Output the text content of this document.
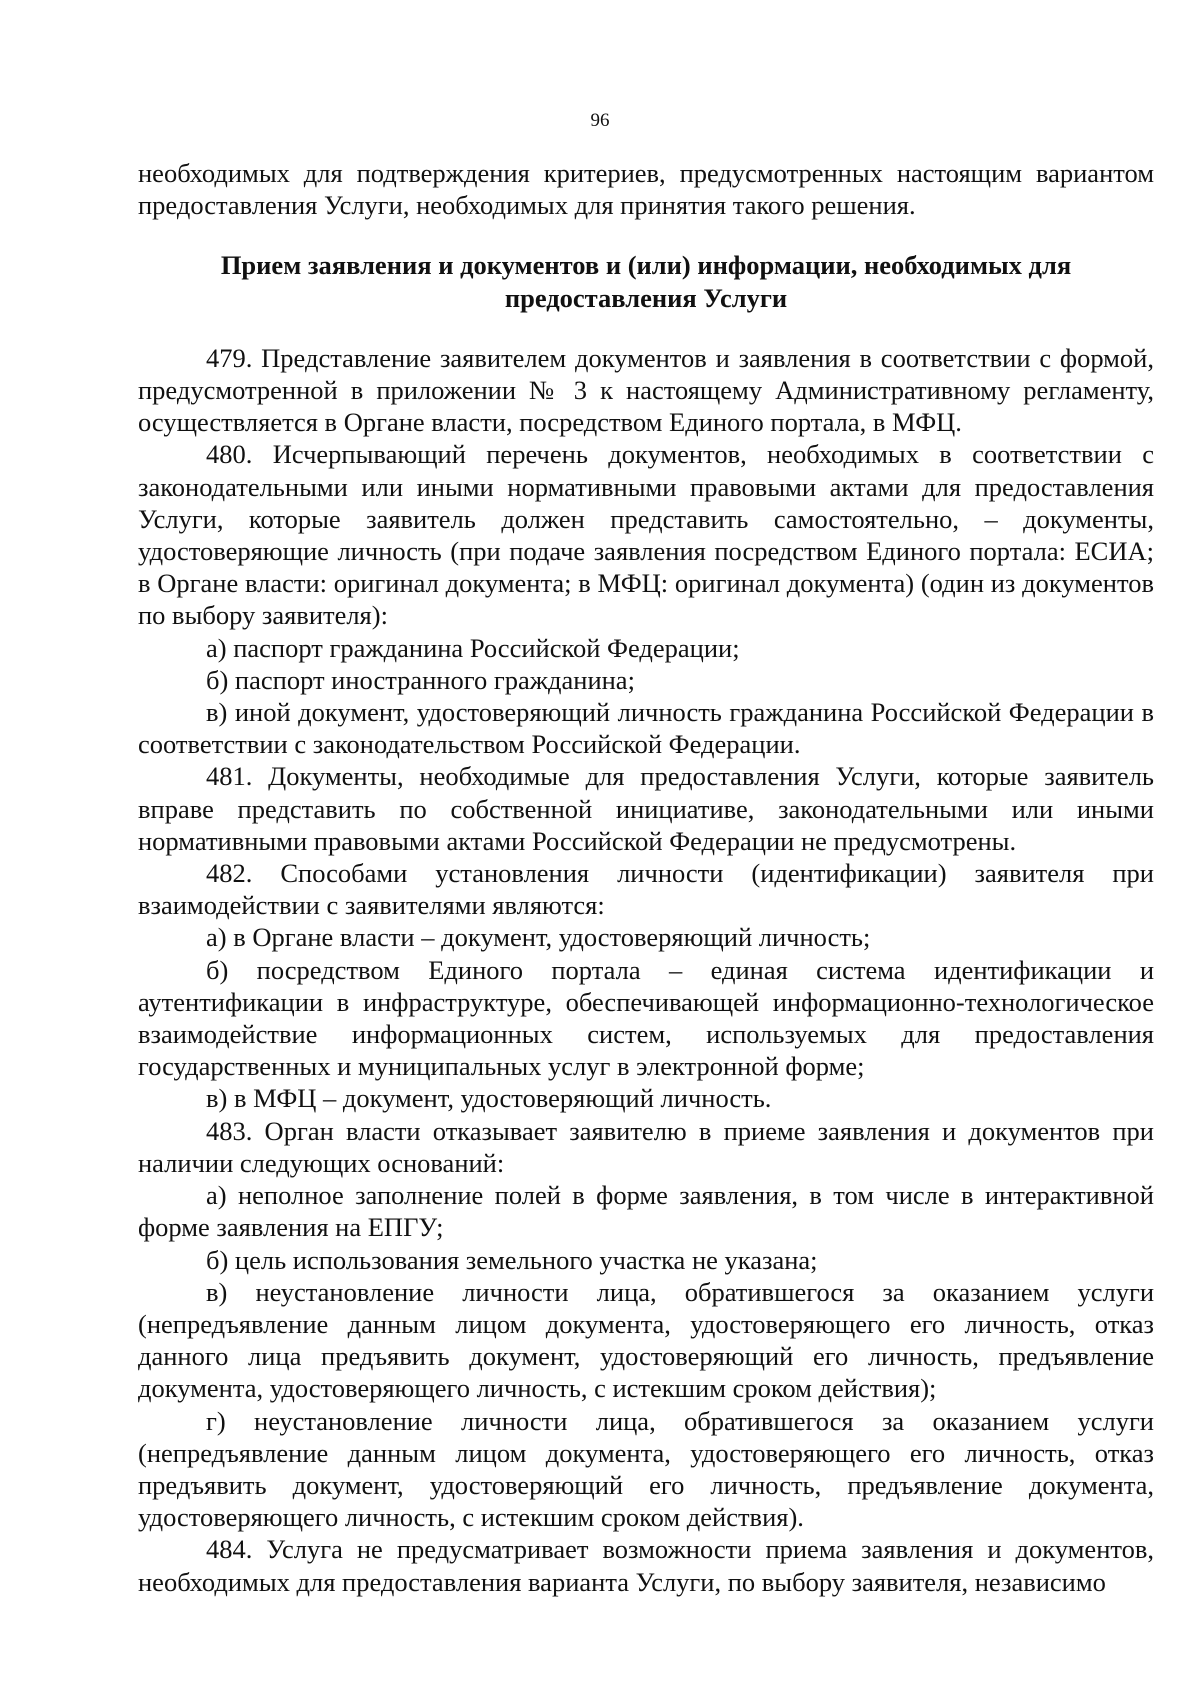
96

необходимых для подтверждения критериев, предусмотренных настоящим вариантом предоставления Услуги, необходимых для принятия такого решения.

Прием заявления и документов и (или) информации, необходимых для предоставления Услуги

479. Представление заявителем документов и заявления в соответствии с формой, предусмотренной в приложении № 3 к настоящему Административному регламенту, осуществляется в Органе власти, посредством Единого портала, в МФЦ.

480. Исчерпывающий перечень документов, необходимых в соответствии с законодательными или иными нормативными правовыми актами для предоставления Услуги, которые заявитель должен представить самостоятельно, – документы, удостоверяющие личность (при подаче заявления посредством Единого портала: ЕСИА; в Органе власти: оригинал документа; в МФЦ: оригинал документа) (один из документов по выбору заявителя):

а) паспорт гражданина Российской Федерации;

б) паспорт иностранного гражданина;

в) иной документ, удостоверяющий личность гражданина Российской Федерации в соответствии с законодательством Российской Федерации.

481. Документы, необходимые для предоставления Услуги, которые заявитель вправе представить по собственной инициативе, законодательными или иными нормативными правовыми актами Российской Федерации не предусмотрены.

482. Способами установления личности (идентификации) заявителя при взаимодействии с заявителями являются:

а) в Органе власти – документ, удостоверяющий личность;

б) посредством Единого портала – единая система идентификации и аутентификации в инфраструктуре, обеспечивающей информационно-технологическое взаимодействие информационных систем, используемых для предоставления государственных и муниципальных услуг в электронной форме;

в) в МФЦ – документ, удостоверяющий личность.

483. Орган власти отказывает заявителю в приеме заявления и документов при наличии следующих оснований:

а) неполное заполнение полей в форме заявления, в том числе в интерактивной форме заявления на ЕПГУ;

б) цель использования земельного участка не указана;

в) неустановление личности лица, обратившегося за оказанием услуги (непредъявление данным лицом документа, удостоверяющего его личность, отказ данного лица предъявить документ, удостоверяющий его личность, предъявление документа, удостоверяющего личность, с истекшим сроком действия);

г) неустановление личности лица, обратившегося за оказанием услуги (непредъявление данным лицом документа, удостоверяющего его личность, отказ предъявить документ, удостоверяющий его личность, предъявление документа, удостоверяющего личность, с истекшим сроком действия).

484. Услуга не предусматривает возможности приема заявления и документов, необходимых для предоставления варианта Услуги, по выбору заявителя, независимо
